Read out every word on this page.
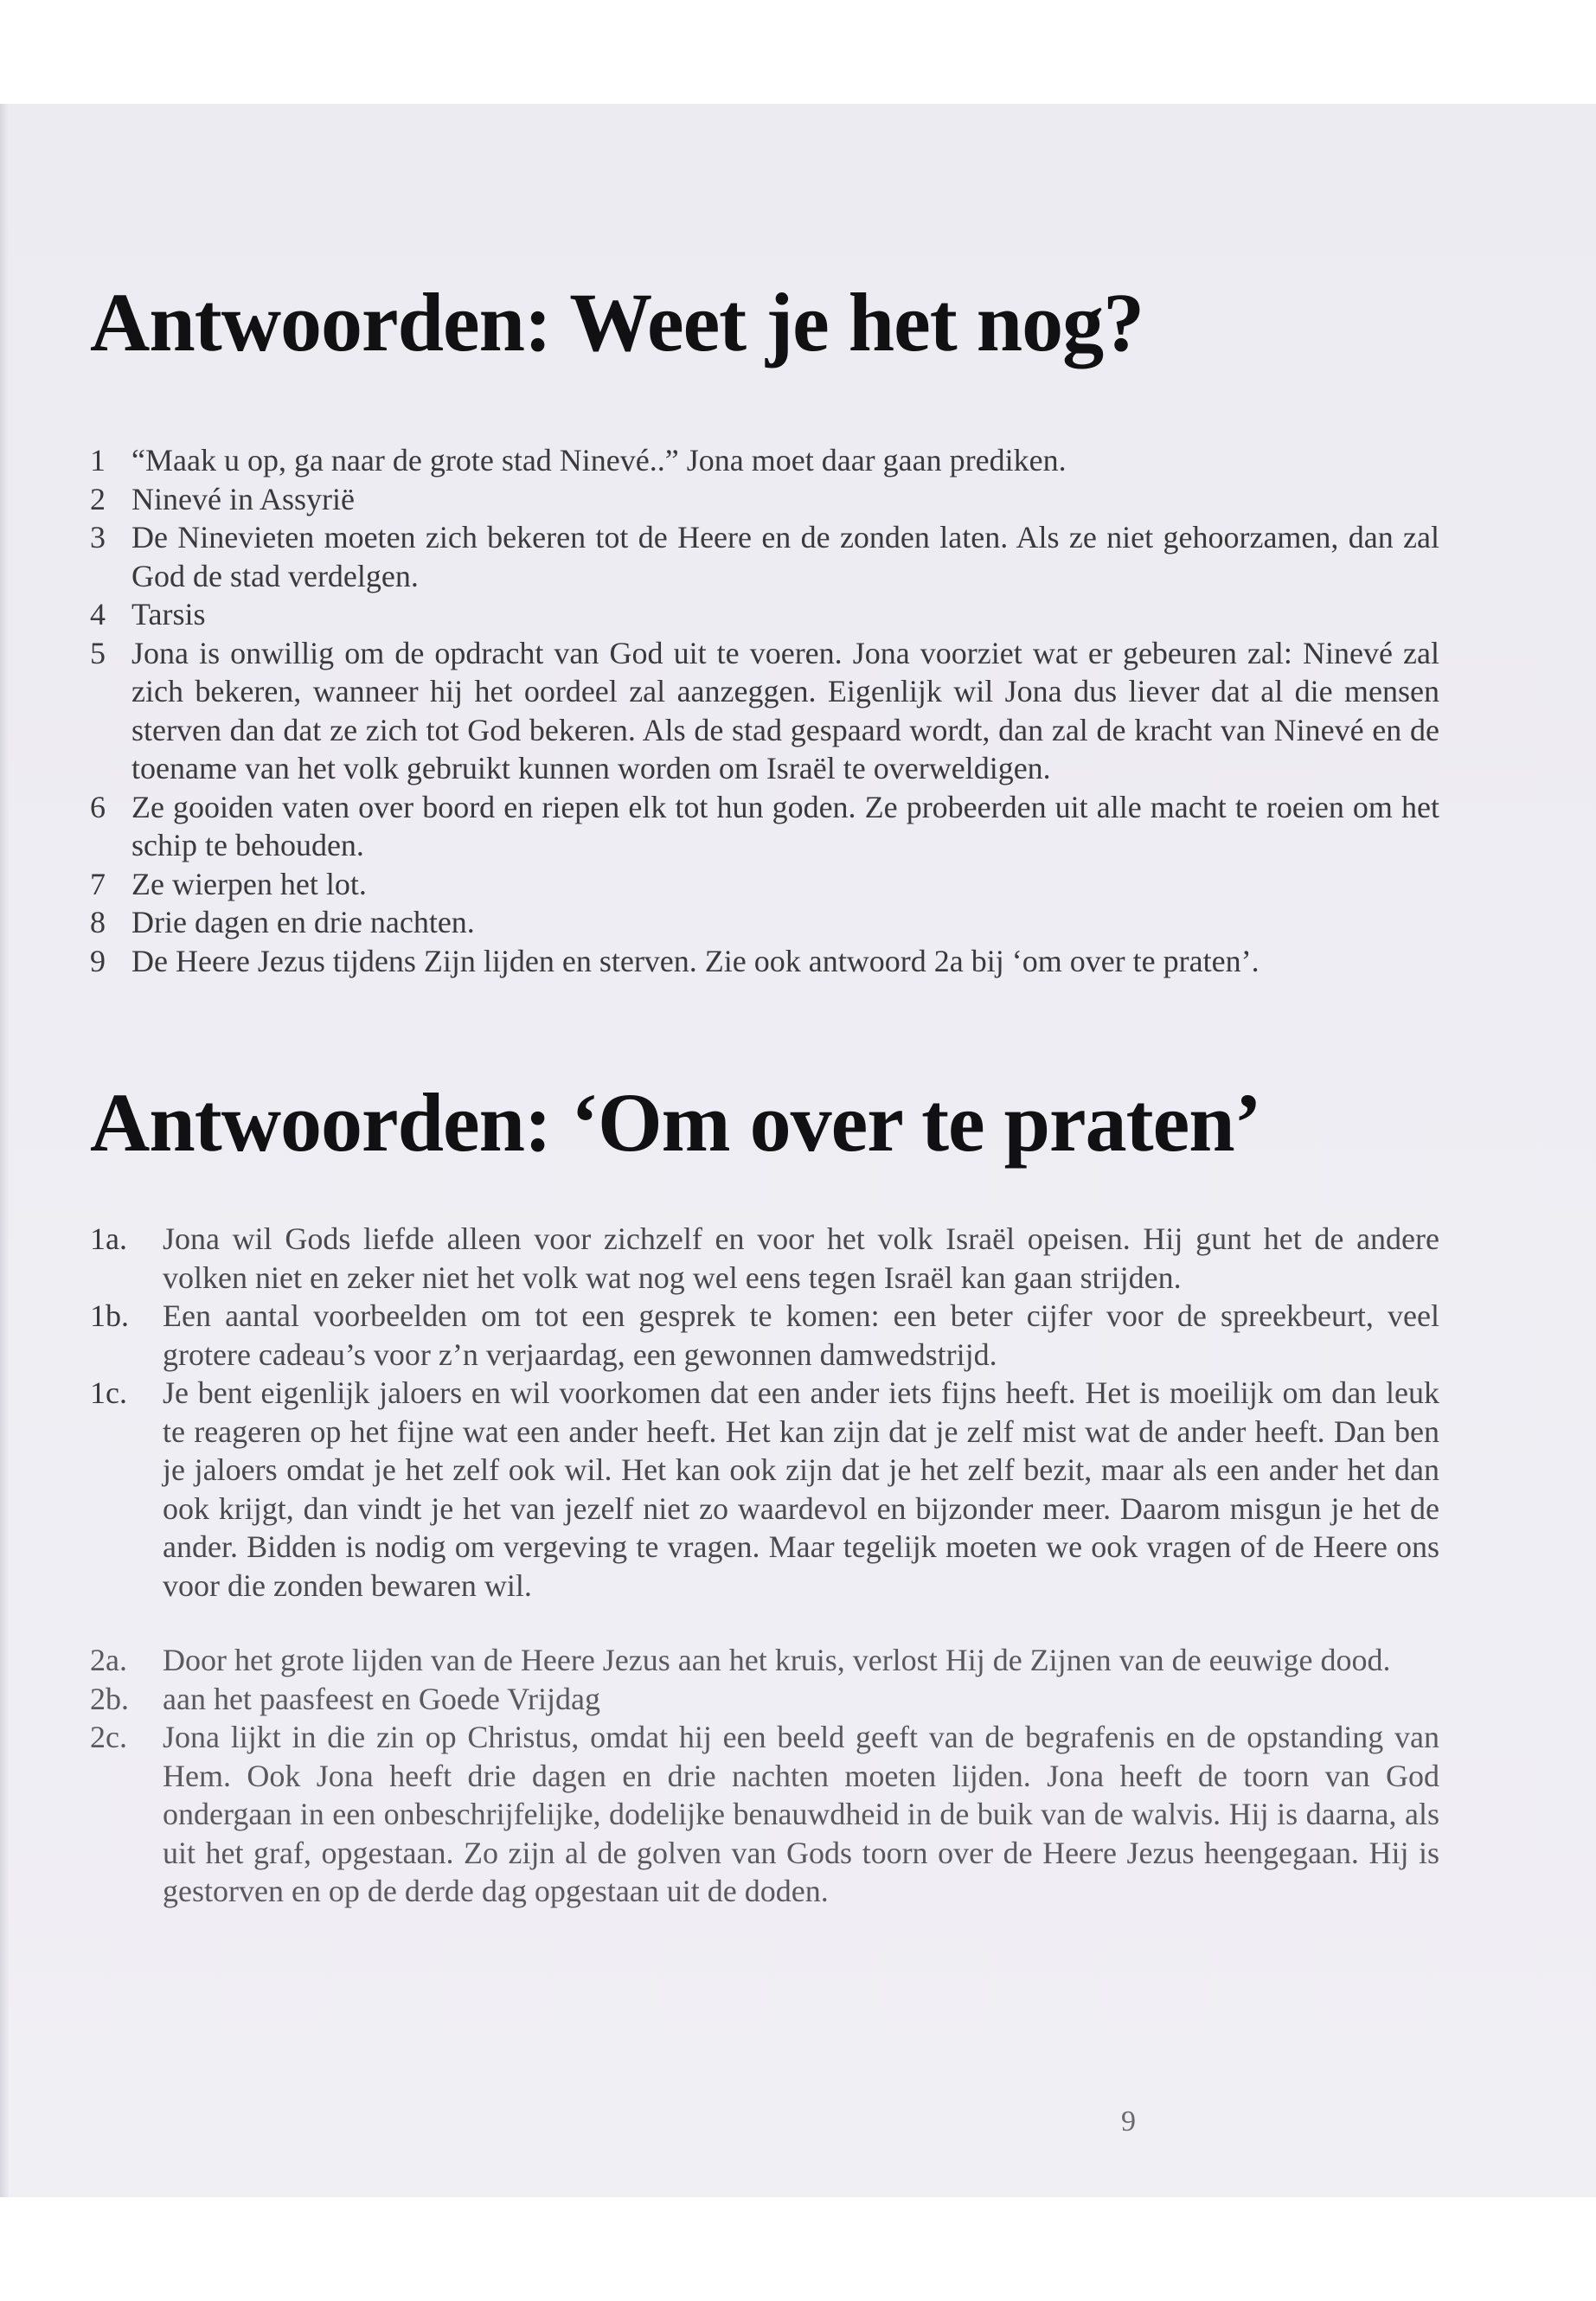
Antwoorden: Weet je het nog?
1 “Maak u op, ga naar de grote stad Ninevé..” Jona moet daar gaan prediken.
2 Ninevé in Assyrië
3 De Ninevieten moeten zich bekeren tot de Heere en de zonden laten. Als ze niet gehoorzamen, dan zal God de stad verdelgen.
4 Tarsis
5 Jona is onwillig om de opdracht van God uit te voeren. Jona voorziet wat er gebeuren zal: Ninevé zal zich bekeren, wanneer hij het oordeel zal aanzeggen. Eigenlijk wil Jona dus liever dat al die mensen sterven dan dat ze zich tot God bekeren. Als de stad gespaard wordt, dan zal de kracht van Ninevé en de toename van het volk gebruikt kunnen worden om Israël te overweldigen.
6 Ze gooiden vaten over boord en riepen elk tot hun goden. Ze probeerden uit alle macht te roeien om het schip te behouden.
7 Ze wierpen het lot.
8 Drie dagen en drie nachten.
9 De Heere Jezus tijdens Zijn lijden en sterven. Zie ook antwoord 2a bij ‘om over te praten’.
Antwoorden: ‘Om over te praten’
1a.	Jona wil Gods liefde alleen voor zichzelf en voor het volk Israël opeisen. Hij gunt het de andere volken niet en zeker niet het volk wat nog wel eens tegen Israël kan gaan strijden.
1b.	Een aantal voorbeelden om tot een gesprek te komen: een beter cijfer voor de spreekbeurt, veel grotere cadeau’s voor z’n verjaardag, een gewonnen damwedstrijd.
1c.	Je bent eigenlijk jaloers en wil voorkomen dat een ander iets fijns heeft. Het is moeilijk om dan leuk te reageren op het fijne wat een ander heeft. Het kan zijn dat je zelf mist wat de ander heeft. Dan ben je jaloers omdat je het zelf ook wil. Het kan ook zijn dat je het zelf bezit, maar als een ander het dan ook krijgt, dan vindt je het van jezelf niet zo waardevol en bijzonder meer. Daarom misgun je het de ander. Bidden is nodig om vergeving te vragen. Maar tegelijk moeten we ook vragen of de Heere ons voor die zonden bewaren wil.
2a.	Door het grote lijden van de Heere Jezus aan het kruis, verlost Hij de Zijnen van de eeuwige dood.
2b.	aan het paasfeest en Goede Vrijdag
2c.	Jona lijkt in die zin op Christus, omdat hij een beeld geeft van de begrafenis en de opstanding van Hem. Ook Jona heeft drie dagen en drie nachten moeten lijden. Jona heeft de toorn van God ondergaan in een onbeschrijfelijke, dodelijke benauwdheid in de buik van de walvis. Hij is daarna, als uit het graf, opgestaan. Zo zijn al de golven van Gods toorn over de Heere Jezus heengegaan. Hij is gestorven en op de derde dag opgestaan uit de doden.
9
